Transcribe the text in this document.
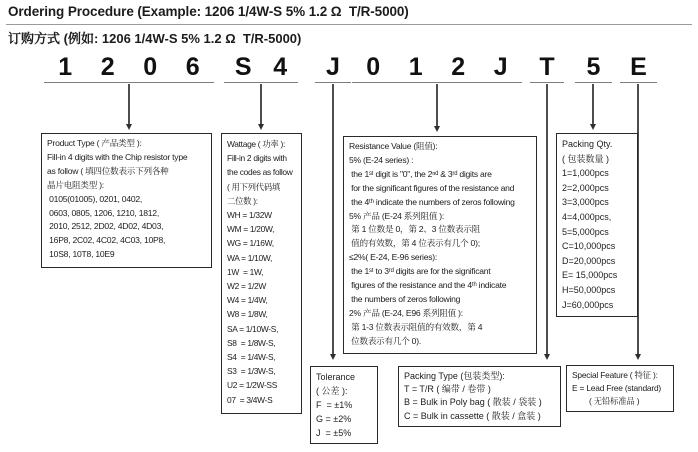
Ordering Procedure (Example: 1206 1/4W-S 5% 1.2 Ω  T/R-5000)
订购方式 (例如: 1206 1/4W-S 5% 1.2 Ω  T/R-5000)
1 2 0 6 S 4 J 0 1 2 J T 5 E
Product Type ( 产品类型 ):
Fill-in 4 digits with the Chip resistor type
as follow ( 填四位数表示下列各种
晶片电阻类型 ):
0105(01005), 0201, 0402,
0603, 0805, 1206, 1210, 1812,
2010, 2512, 2D02, 4D02, 4D03,
16P8, 2C02, 4C02, 4C03, 10P8,
10S8, 10T8, 10E9
Wattage ( 功率 ):
Fill-in 2 digits with
the codes as follow
( 用下列代码填
二位数 ):
WH = 1/32W
WM = 1/20W,
WG = 1/16W,
WA = 1/10W,
1W  = 1W,
W2 = 1/2W
W4 = 1/4W,
W8 = 1/8W,
SA = 1/10W-S,
S8  = 1/8W-S,
S4  = 1/4W-S,
S3  = 1/3W-S,
U2 = 1/2W-SS
07  = 3/4W-S
Tolerance
( 公差 ):
F  = ±1%
G = ±2%
J  = ±5%
Resistance Value (阻值):
5% (E-24 series) :
the 1ˢᵗ digit is "0", the 2ⁿᵈ & 3ʳᵈ digits are
for the significant figures of the resistance and
the 4ᵗʰ indicate the numbers of zeros following
5% 产品 (E-24 系列阻值 ):
第 1 位数是 0，第 2、3 位数表示阻
值的有效数，第 4 位表示有几个 0);
≤2%( E-24, E-96 series):
the 1ˢᵗ to 3ʳᵈ digits are for the significant
figures of the resistance and the 4ᵗʰ indicate
the numbers of zeros following
2% 产品 (E-24, E96 系列阻值 ):
第 1-3 位数表示阻值的有效数，第 4
位数表示有几个 0).
Packing Type (包装类型):
T = T/R ( 编带 / 卷带 )
B = Bulk in Poly bag ( 散装 / 袋装 )
C = Bulk in cassette ( 散装 / 盒装 )
Packing Qty.
( 包装数量 )
1=1,000pcs
2=2,000pcs
3=3,000pcs
4=4,000pcs,
5=5,000pcs
C=10,000pcs
D=20,000pcs
E= 15,000pcs
H=50,000pcs
J=60,000pcs
Special Feature ( 特征 ):
E = Lead Free (standard)
( 无铅标准品 )
